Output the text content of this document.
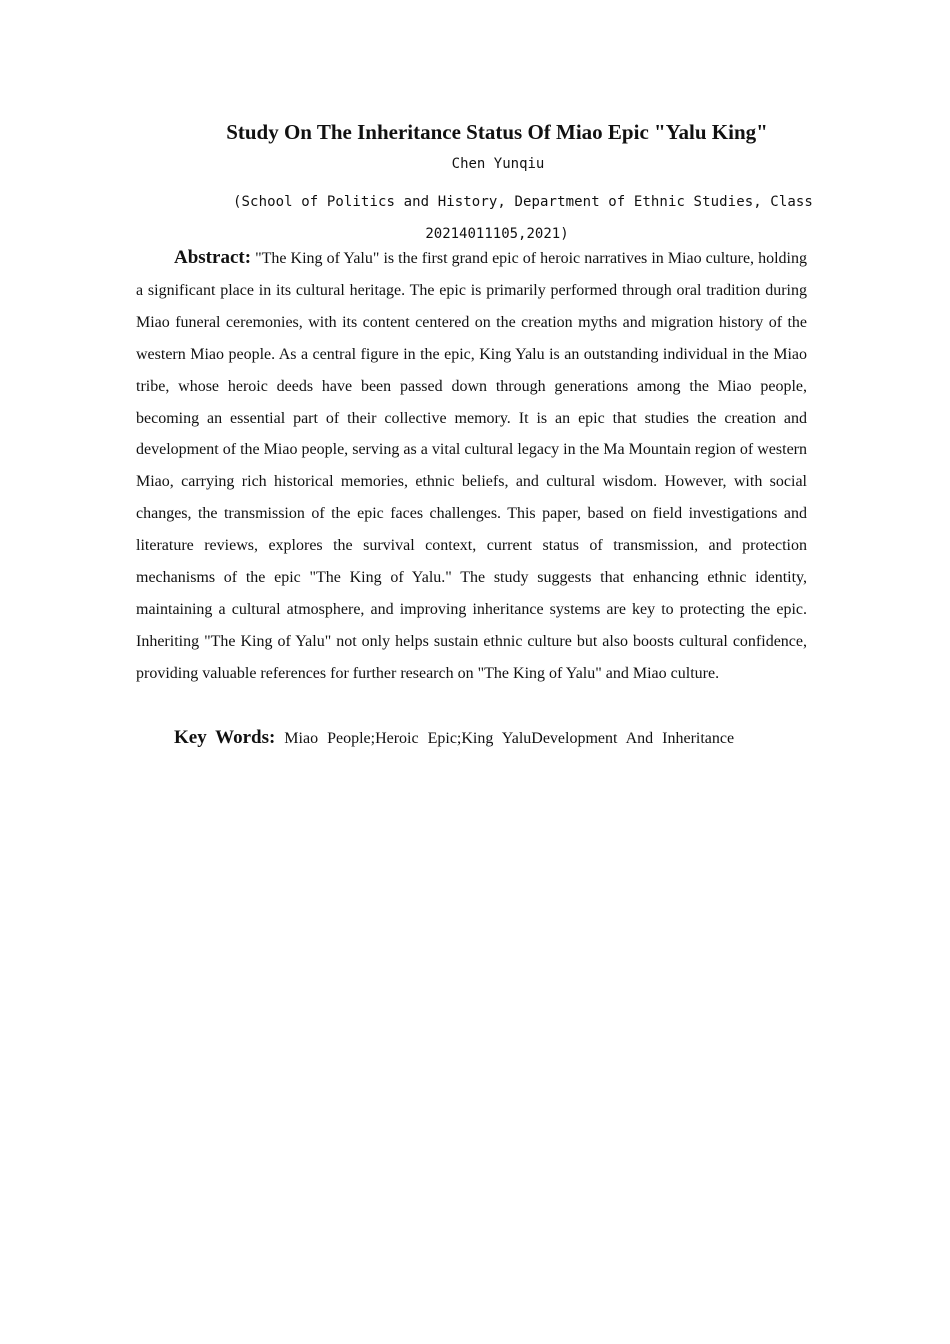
Study On The Inheritance Status Of Miao Epic "Yalu King"
Chen Yunqiu
(School of Politics and History, Department of Ethnic Studies, Class
20214011105,2021)

Abstract: "The King of Yalu" is the first grand epic of heroic narratives in Miao culture, holding a significant place in its cultural heritage. The epic is primarily performed through oral tradition during Miao funeral ceremonies, with its content centered on the creation myths and migration history of the western Miao people. As a central figure in the epic, King Yalu is an outstanding individual in the Miao tribe, whose heroic deeds have been passed down through generations among the Miao people, becoming an essential part of their collective memory. It is an epic that studies the creation and development of the Miao people, serving as a vital cultural legacy in the Ma Mountain region of western Miao, carrying rich historical memories, ethnic beliefs, and cultural wisdom. However, with social changes, the transmission of the epic faces challenges. This paper, based on field investigations and literature reviews, explores the survival context, current status of transmission, and protection mechanisms of the epic "The King of Yalu." The study suggests that enhancing ethnic identity, maintaining a cultural atmosphere, and improving inheritance systems are key to protecting the epic. Inheriting "The King of Yalu" not only helps sustain ethnic culture but also boosts cultural confidence, providing valuable references for further research on "The King of Yalu" and Miao culture.

Key Words: Miao People;Heroic Epic;King YaluDevelopment And Inheritance
